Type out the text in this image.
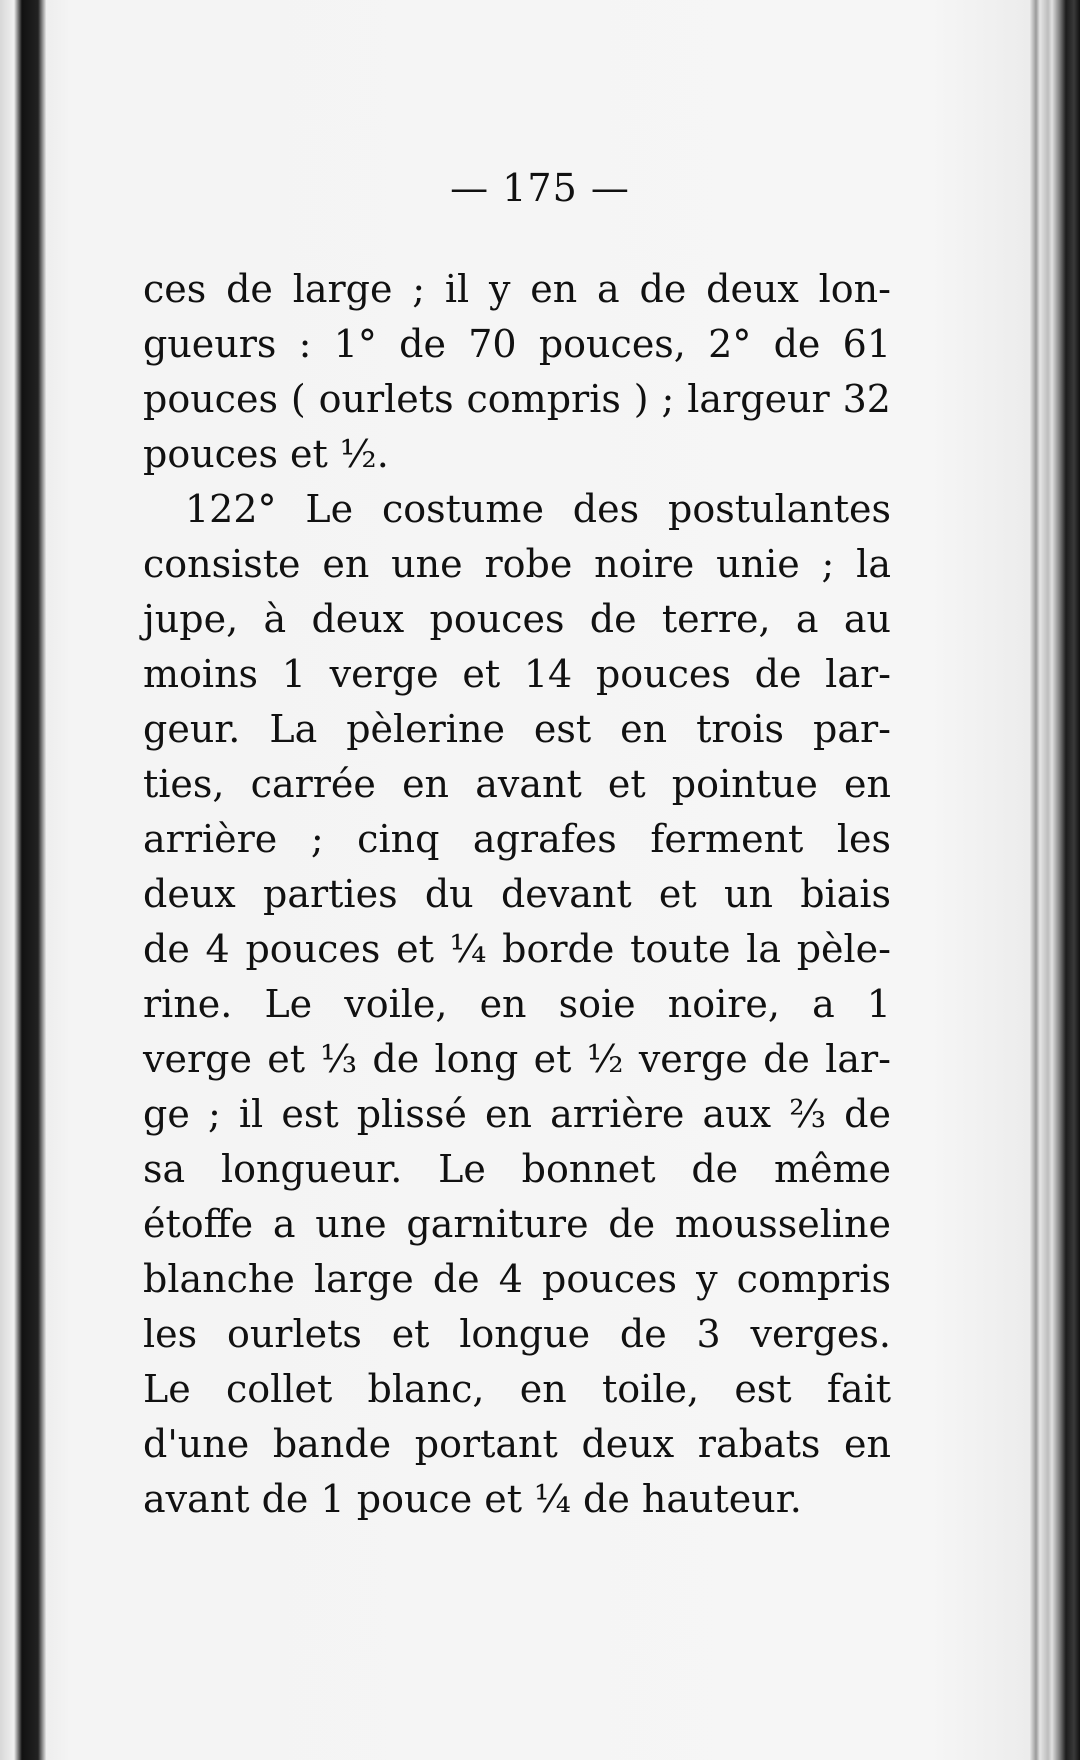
— 175 —
ces de large ; il y en a de deux lon-
gueurs : 1° de 70 pouces, 2° de 61
pouces ( ourlets compris ) ; largeur 32
pouces et ½.
122° Le costume des postulantes
consiste en une robe noire unie ; la
jupe, à deux pouces de terre, a au
moins 1 verge et 14 pouces de lar-
geur. La pèlerine est en trois par-
ties, carrée en avant et pointue en
arrière ; cinq agrafes ferment les
deux parties du devant et un biais
de 4 pouces et ¼ borde toute la pèle-
rine. Le voile, en soie noire, a 1
verge et ⅓ de long et ½ verge de lar-
ge ; il est plissé en arrière aux ⅔ de
sa longueur. Le bonnet de même
étoffe a une garniture de mousseline
blanche large de 4 pouces y compris
les ourlets et longue de 3 verges.
Le collet blanc, en toile, est fait
d'une bande portant deux rabats en
avant de 1 pouce et ¼ de hauteur.
